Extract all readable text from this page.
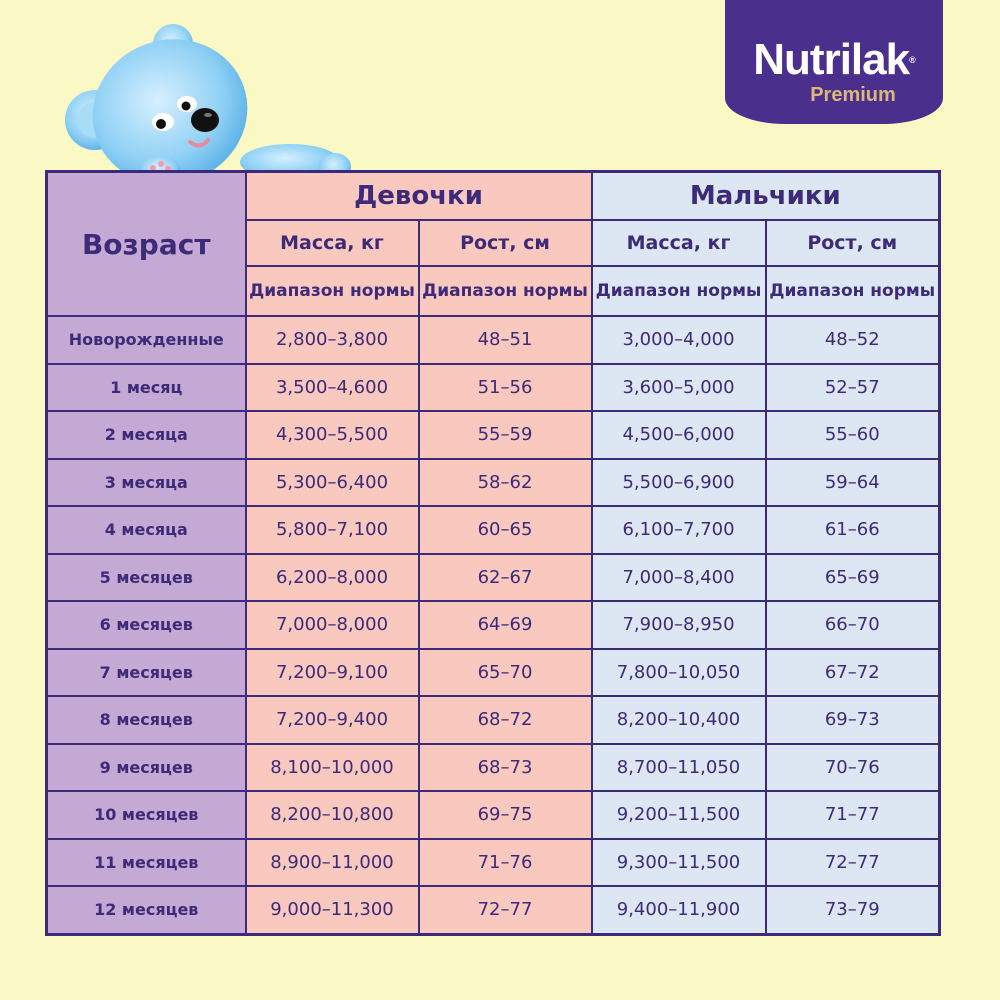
Nutrilak®
Premium
Возраст	Девочки		Мальчики	
	Масса, кг	Рост, см	Масса, кг	Рост, см
	Диапазон нормы	Диапазон нормы	Диапазон нормы	Диапазон нормы
Новорожденные	2,800–3,800	48–51	3,000–4,000	48–52
1 месяц	3,500–4,600	51–56	3,600–5,000	52–57
2 месяца	4,300–5,500	55–59	4,500–6,000	55–60
3 месяца	5,300–6,400	58–62	5,500–6,900	59–64
4 месяца	5,800–7,100	60–65	6,100–7,700	61–66
5 месяцев	6,200–8,000	62–67	7,000–8,400	65–69
6 месяцев	7,000–8,000	64–69	7,900–8,950	66–70
7 месяцев	7,200–9,100	65–70	7,800–10,050	67–72
8 месяцев	7,200–9,400	68–72	8,200–10,400	69–73
9 месяцев	8,100–10,000	68–73	8,700–11,050	70–76
10 месяцев	8,200–10,800	69–75	9,200–11,500	71–77
11 месяцев	8,900–11,000	71–76	9,300–11,500	72–77
12 месяцев	9,000–11,300	72–77	9,400–11,900	73–79
